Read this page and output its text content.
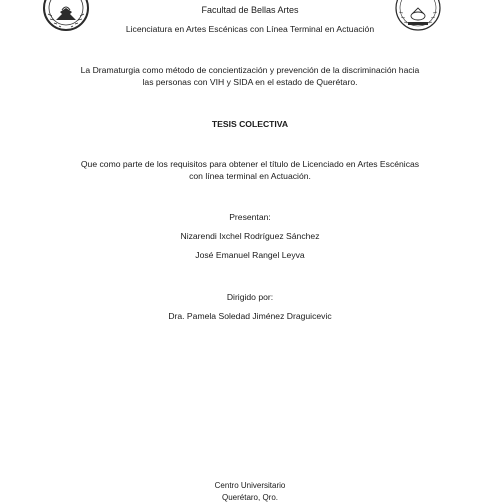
Facultad de Bellas Artes
Licenciatura en Artes Escénicas con Línea Terminal en Actuación
La Dramaturgia como método de concientización y prevención de la discriminación hacia
las personas con VIH y SIDA en el estado de Querétaro.
TESIS COLECTIVA
Que como parte de los requisitos para obtener el título de Licenciado en Artes Escénicas
con línea terminal en Actuación.
Presentan:
Nizarendi Ixchel Rodríguez Sánchez
José Emanuel Rangel Leyva
Dirigido por:
Dra. Pamela Soledad Jiménez Draguicevic
Centro Universitario
Querétaro, Qro.
